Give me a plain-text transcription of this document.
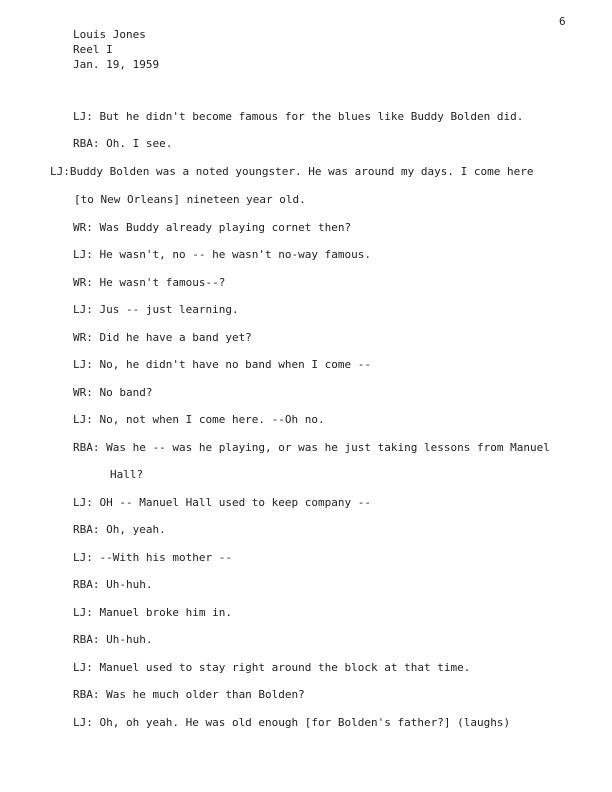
6
Louis Jones
Reel I
Jan. 19, 1959
LJ: But he didn't become famous for the blues like Buddy Bolden did.
RBA: Oh. I see.
LJ:Buddy Bolden was a noted youngster. He was around my days. I come here
[to New Orleans] nineteen year old.
WR: Was Buddy already playing cornet then?
LJ: He wasn't, no -- he wasn't no-way famous.
WR: He wasn't famous--?
LJ: Jus -- just learning.
WR: Did he have a band yet?
LJ: No, he didn't have no band when I come --
WR: No band?
LJ: No, not when I come here. --Oh no.
RBA: Was he -- was he playing, or was he just taking lessons from Manuel
Hall?
LJ: OH -- Manuel Hall used to keep company --
RBA: Oh, yeah.
LJ: --With his mother --
RBA: Uh-huh.
LJ: Manuel broke him in.
RBA: Uh-huh.
LJ: Manuel used to stay right around the block at that time.
RBA: Was he much older than Bolden?
LJ: Oh, oh yeah. He was old enough [for Bolden's father?] (laughs)
